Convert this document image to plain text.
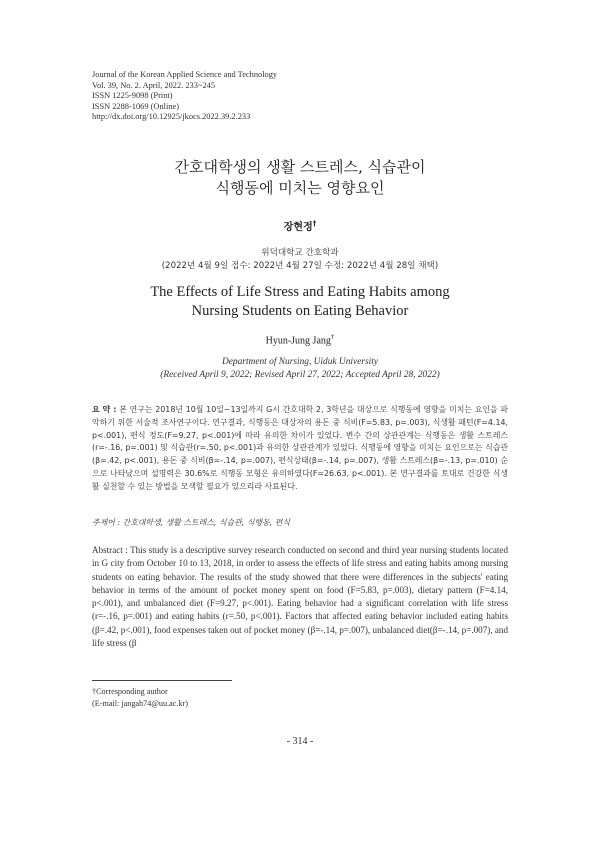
Journal of the Korean Applied Science and Technology
Vol. 39, No. 2. April, 2022. 233~245
ISSN 1225-9098 (Print)
ISSN 2288-1069 (Online)
http://dx.doi.org/10.12925/jkocs.2022.39.2.233
간호대학생의 생활 스트레스, 식습관이
식행동에 미치는 영향요인
장현정†
위덕대학교 간호학과
(2022년 4월 9일 접수: 2022년 4월 27일 수정: 2022년 4월 28일 채택)
The Effects of Life Stress and Eating Habits among
Nursing Students on Eating Behavior
Hyun-Jung Jang†
Department of Nursing, Uiduk University
(Received April 9, 2022; Revised April 27, 2022; Accepted April 28, 2022)
요 약 : 본 연구는 2018년 10월 10일~13일까지 G시 간호대학 2, 3학년을 대상으로 식행동에 영향을 미치는 요인을 파악하기 위한 서술적 조사연구이다. 연구결과, 식행동은 대상자의 용돈 중 식비(F=5.83, p=.003), 식생활 패턴(F=4.14, p<.001), 편식 정도(F=9.27, p<.001)에 따라 유의한 차이가 있었다. 변수 간의 상관관계는 식행동은 생활 스트레스(r=-.16, p=.001) 및 식습관(r=.50, p<.001)과 유의한 상관관계가 있었다. 식행동에 영향을 미치는 요인으로는 식습관(β=.42, p<.001), 용돈 중 식비(β=-.14, p=.007), 편식상태(β=-.14, p=.007), 생활 스트레스(β=-.13, p=.010) 순으로 나타났으며 설명력은 30.6%로 식행동 모형은 유의하였다(F=26.63, p<.001). 본 연구결과를 토대로 건강한 식생활 실천할 수 있는 방법을 모색할 필요가 있으리라 사료된다.
주제어 : 간호대학생, 생활 스트레스, 식습관, 식행동, 편식
Abstract : This study is a descriptive survey research conducted on second and third year nursing students located in G city from October 10 to 13, 2018, in order to assess the effects of life stress and eating habits among nursing students on eating behavior. The results of the study showed that there were differences in the subjects' eating behavior in terms of the amount of pocket money spent on food (F=5.83, p=.003), dietary pattern (F=4.14, p<.001), and unbalanced diet (F=9.27, p<.001). Eating behavior had a significant correlation with life stress (r=-.16, p=.001) and eating habits (r=.50, p<.001). Factors that affected eating behavior included eating habits (β=.42, p<.001), food expenses taken out of pocket money (β=-.14, p=.007), unbalanced diet(β=-.14, p=.007), and life stress (β
†Corresponding author
(E-mail: jangah74@uu.ac.kr)
- 314 -
